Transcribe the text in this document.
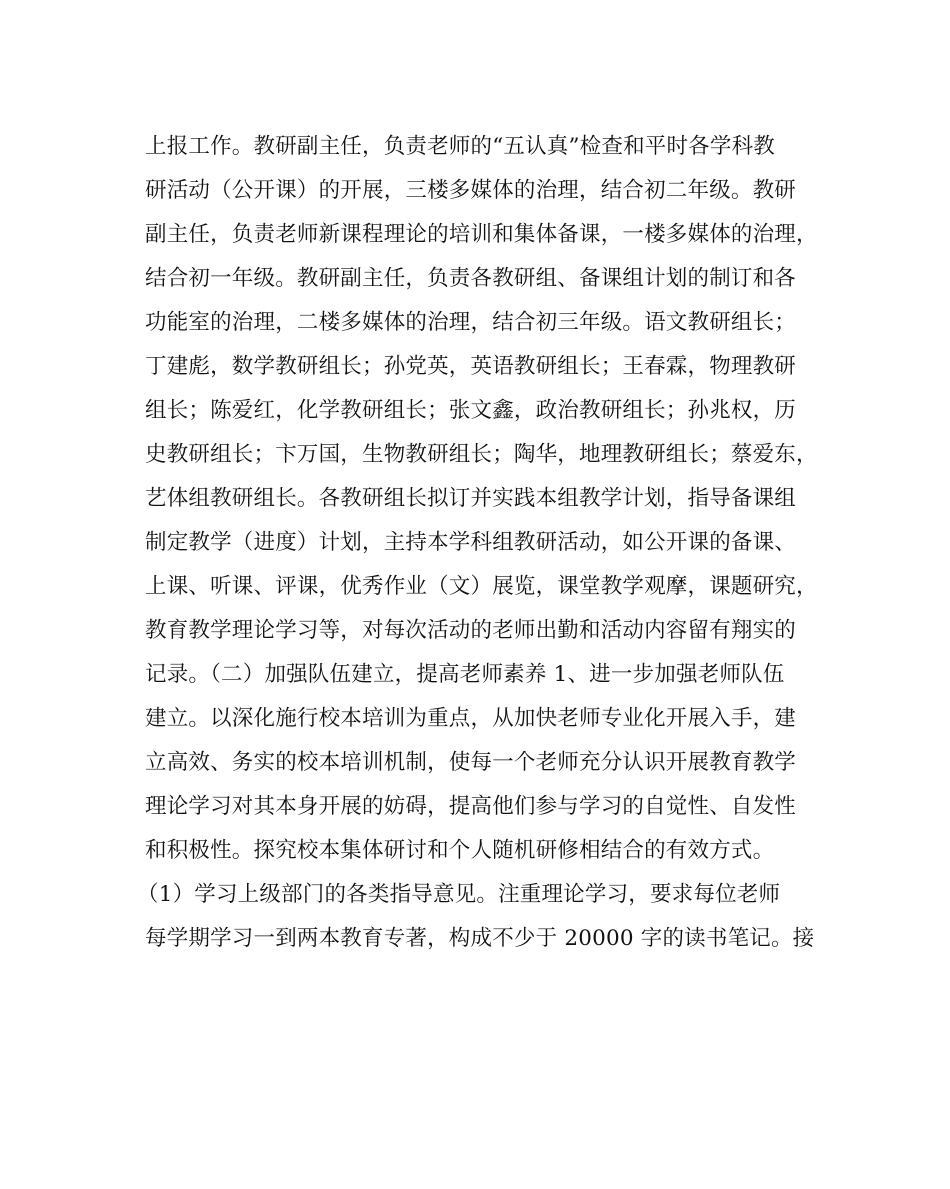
上报工作。教研副主任，负责老师的“五认真”检查和平时各学科教
研活动（公开课）的开展，三楼多媒体的治理，结合初二年级。教研
副主任，负责老师新课程理论的培训和集体备课，一楼多媒体的治理，
结合初一年级。教研副主任，负责各教研组、备课组计划的制订和各
功能室的治理，二楼多媒体的治理，结合初三年级。语文教研组长；
丁建彪，数学教研组长；孙党英，英语教研组长；王春霖，物理教研
组长；陈爱红，化学教研组长；张文鑫，政治教研组长；孙兆权，历
史教研组长；卞万国，生物教研组长；陶华，地理教研组长；蔡爱东，
艺体组教研组长。各教研组长拟订并实践本组教学计划，指导备课组
制定教学（进度）计划，主持本学科组教研活动，如公开课的备课、
上课、听课、评课，优秀作业（文）展览，课堂教学观摩，课题研究，
教育教学理论学习等，对每次活动的老师出勤和活动内容留有翔实的
记录。（二）加强队伍建立，提高老师素养 1、进一步加强老师队伍
建立。以深化施行校本培训为重点，从加快老师专业化开展入手，建
立高效、务实的校本培训机制，使每一个老师充分认识开展教育教学
理论学习对其本身开展的妨碍，提高他们参与学习的自觉性、自发性
和积极性。探究校本集体研讨和个人随机研修相结合的有效方式。
（1）学习上级部门的各类指导意见。注重理论学习，要求每位老师
每学期学习一到两本教育专著，构成不少于 20000 字的读书笔记。接
